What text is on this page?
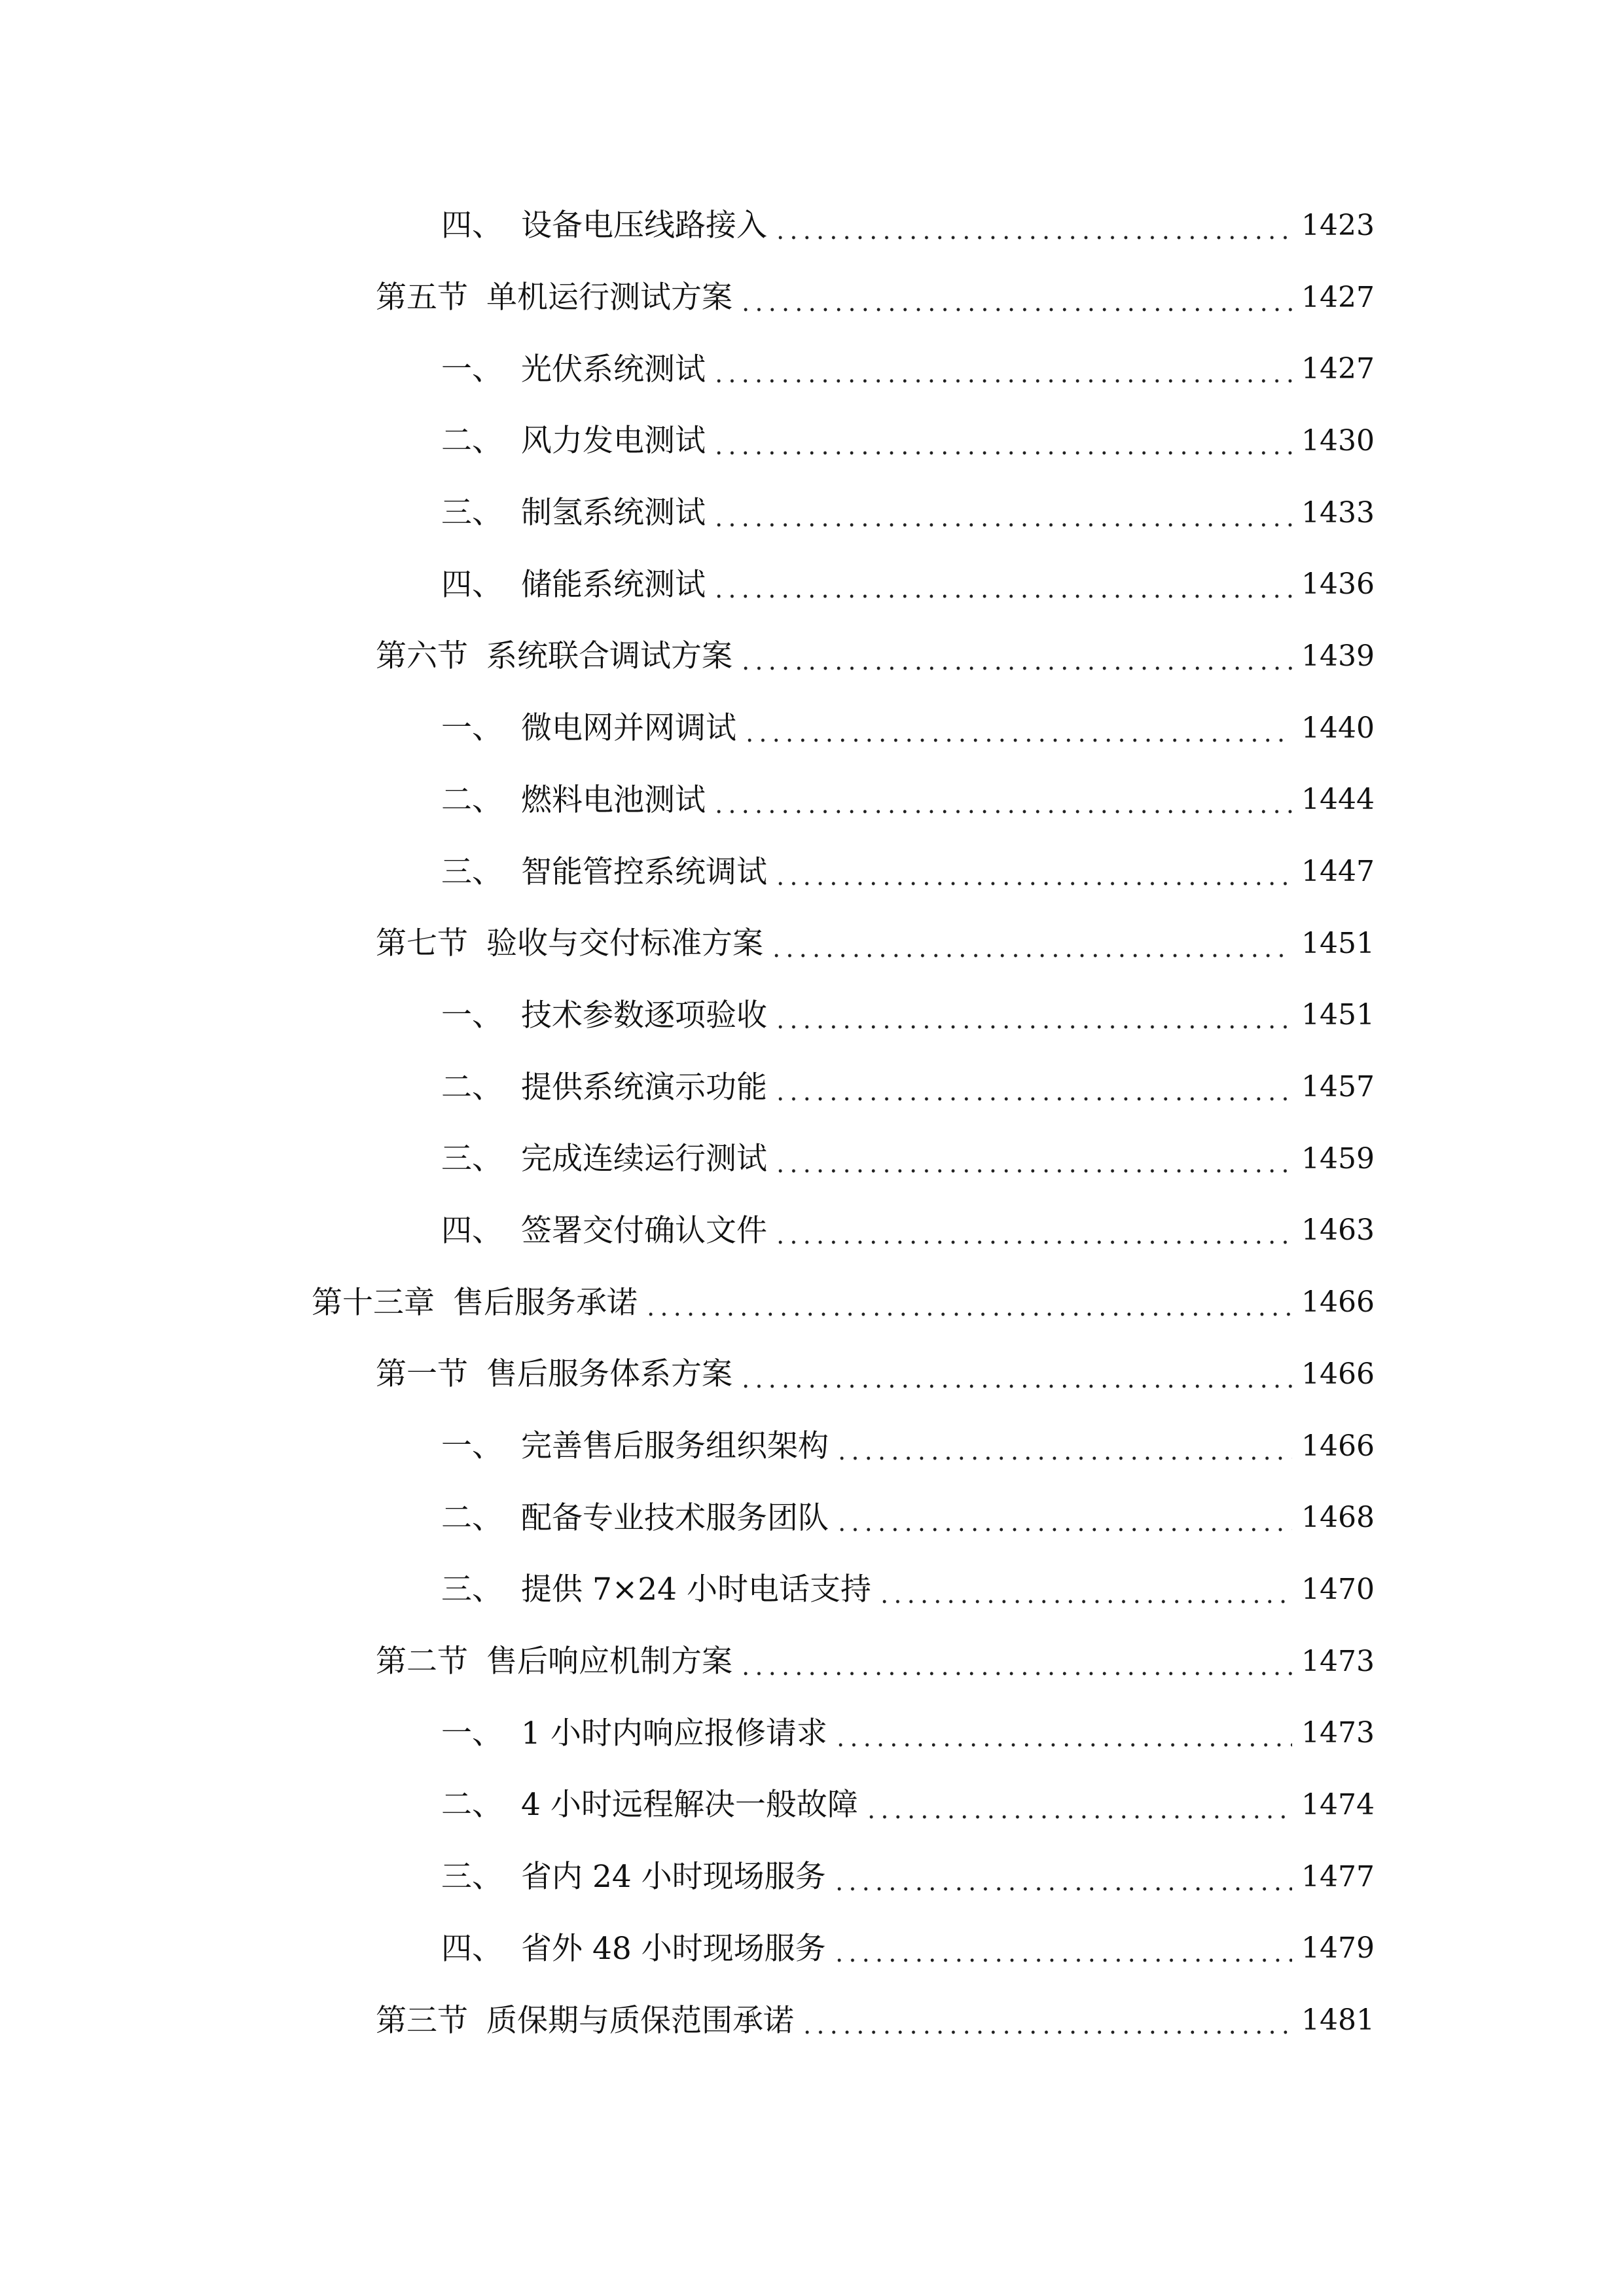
四、 设备电压线路接入	1423
第五节 单机运行测试方案	1427
一、 光伏系统测试	1427
二、 风力发电测试	1430
三、 制氢系统测试	1433
四、 储能系统测试	1436
第六节 系统联合调试方案	1439
一、 微电网并网调试	1440
二、 燃料电池测试	1444
三、 智能管控系统调试	1447
第七节 验收与交付标准方案	1451
一、 技术参数逐项验收	1451
二、 提供系统演示功能	1457
三、 完成连续运行测试	1459
四、 签署交付确认文件	1463
第十三章 售后服务承诺	1466
第一节 售后服务体系方案	1466
一、 完善售后服务组织架构	1466
二、 配备专业技术服务团队	1468
三、 提供 7×24 小时电话支持	1470
第二节 售后响应机制方案	1473
一、 1 小时内响应报修请求	1473
二、 4 小时远程解决一般故障	1474
三、 省内 24 小时现场服务	1477
四、 省外 48 小时现场服务	1479
第三节 质保期与质保范围承诺	1481
